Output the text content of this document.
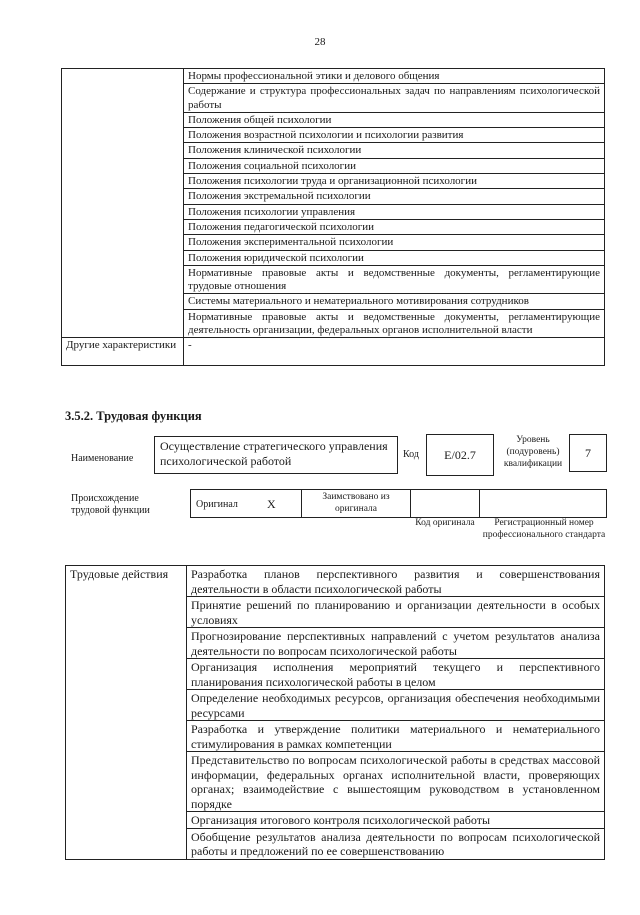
28
	Нормы профессиональной этики и делового общения
	Содержание и структура профессиональных задач по направлениям психологической работы
	Положения общей психологии
	Положения возрастной психологии и психологии развития
	Положения клинической психологии
	Положения социальной психологии
	Положения психологии труда и организационной психологии
	Положения экстремальной психологии
	Положения психологии управления
	Положения педагогической психологии
	Положения экспериментальной психологии
	Положения юридической психологии
	Нормативные правовые акты и ведомственные документы, регламентирующие трудовые отношения
	Системы материального и нематериального мотивирования сотрудников
	Нормативные правовые акты и ведомственные документы, регламентирующие деятельность организации, федеральных органов исполнительной власти
Другие характеристики	-
3.5.2. Трудовая функция
Наименование
Осуществление стратегического управления психологической работой	Код	E/02.7
Уровень (подуровень) квалификации
7
Происхождение трудовой функции
Оригинал X	Заимствовано из оригинала
Код оригинала	Регистрационный номер профессионального стандарта
Трудовые действия	Разработка планов перспективного развития и совершенствования деятельности в области психологической работы
Принятие решений по планированию и организации деятельности в особых условиях
Прогнозирование перспективных направлений с учетом результатов анализа деятельности по вопросам психологической работы
Организация исполнения мероприятий текущего и перспективного планирования психологической работы в целом
Определение необходимых ресурсов, организация обеспечения необходимыми ресурсами
Разработка и утверждение политики материального и нематериального стимулирования в рамках компетенции
Представительство по вопросам психологической работы в средствах массовой информации, федеральных органах исполнительной власти, проверяющих органах; взаимодействие с вышестоящим руководством в установленном порядке
Организация итогового контроля психологической работы
Обобщение результатов анализа деятельности по вопросам психологической работы и предложений по ее совершенствованию
